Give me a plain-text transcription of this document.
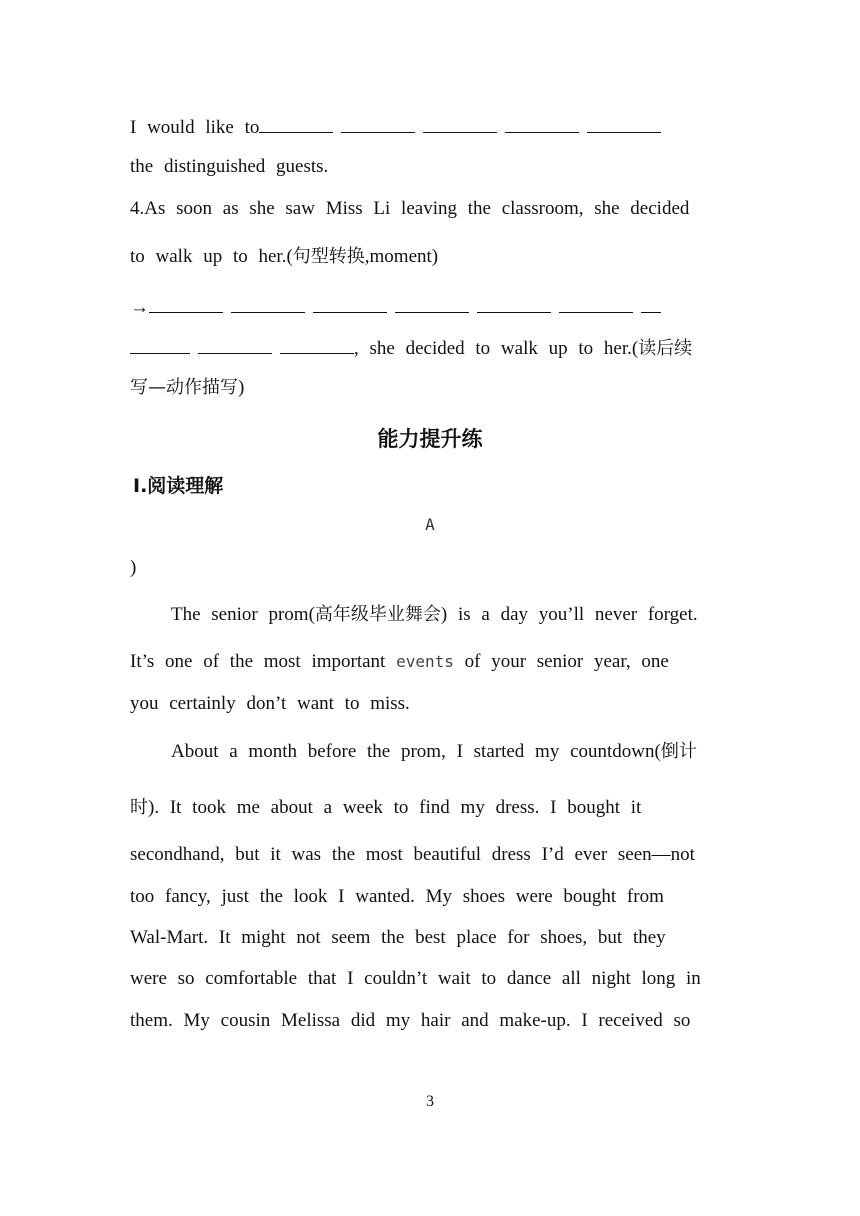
I would like to
the distinguished guests.
4.As soon as she saw Miss Li leaving the classroom, she decided
to walk up to her.(句型转换,moment)
→
, she decided to walk up to her.(读后续
写—动作描写)
能力提升练
Ⅰ.阅读理解
A
)
The senior prom(高年级毕业舞会) is a day you’ll never forget.
It’s one of the most important events of your senior year, one
you certainly don’t want to miss.
About a month before the prom, I started my countdown(倒计
时). It took me about a week to find my dress. I bought it
secondhand, but it was the most beautiful dress I’d ever seen—not
too fancy, just the look I wanted. My shoes were bought from
Wal-Mart. It might not seem the best place for shoes, but they
were so comfortable that I couldn’t wait to dance all night long in
them. My cousin Melissa did my hair and make-up. I received so
3
